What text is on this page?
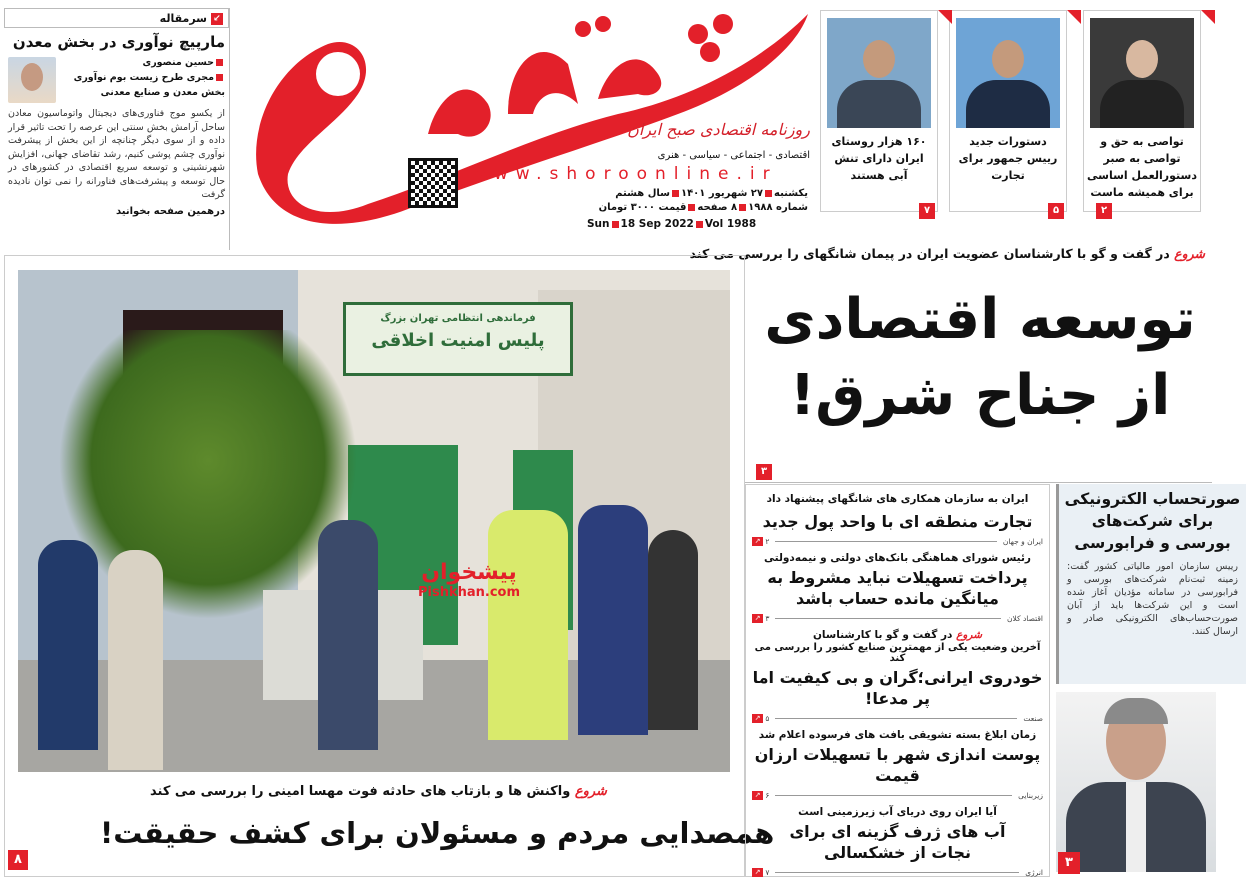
↙سرمقاله
مارپیچ نوآوری در بخش معدن
حسین منصوری
مجری طرح زیست بوم نوآوری
بخش معدن و صنایع معدنی
از یکسو موج فناوری‌های دیجیتال واتوماسیون معادن ساحل آرامش بخش سنتی این عرصه را تحت تاثیر قرار داده و از سوی دیگر چنانچه از این بخش از پیشرفت نوآوری چشم پوشی کنیم، رشد تقاضای جهانی، افزایش شهرنشینی و توسعه سریع اقتصادی در کشورهای در حال توسعه و پیشرفت‌های فناورانه را نمی توان نادیده گرفت
درهمین صفحه بخوانید
روزنامه اقتصادی صبح ایران
اقتصادی - اجتماعی - سیاسی - هنری
www.shoroonline.ir
یکشنبه۲۷ شهریور ۱۴۰۱سال هشتم
شماره ۱۹۸۸۸ صفحهقیمت ۳۰۰۰ تومان
Sun 18 Sep 2022 Vol 1988
تواصی به حق و تواصی به صبر دستورالعمل اساسی برای همیشه ماست
۲
دستورات جدید رییس جمهور برای تجارت
۵
۱۶۰ هزار روستای ایران دارای تنش آبی هستند
۷
شروع در گفت و گو با کارشناسان عضویت ایران در پیمان شانگهای را بررسی می کند
توسعه اقتصادی
از جناح شرق!
۳
فرماندهی انتظامی تهران بزرگ
پلیس امنیت اخلاقی
پیشخوان
Pishkhan.com
شروع واکنش ها و بازتاب های حادثه فوت مهسا امینی را بررسی می کند
همصدایی مردم و مسئولان برای کشف حقیقت!
۸
ایران به سازمان همکاری های شانگهای پیشنهاد داد
تجارت منطقه ای با واحد پول جدید
ایران و جهان
۲

↗
رئیس شورای هماهنگی بانک‌های دولتی و نیمه‌دولتی
پرداخت تسهیلات نباید مشروط به میانگین مانده حساب باشد
اقتصاد کلان
۳

↗
شروع در گفت و گو با کارشناسان
آخرین وضعیت یکی از مهمترین صنایع کشور را بررسی می کند
خودروی ایرانی؛گران و بی کیفیت اما پر مدعا!
صنعت
۵

↗
زمان ابلاغ بسته تشویقی بافت های فرسوده اعلام شد
پوست اندازی شهر با تسهیلات ارزان قیمت
زیربنایی
۶

↗
آیا ایران روی دریای آب زیرزمینی است
آب های ژرف گزینه ای برای نجات از خشکسالی
انرژی
۷

↗
صورتحساب الکترونیکی برای شرکت‌های بورسی و فرابورسی

رییس سازمان امور مالیاتی کشور گفت: زمینه ثبت‌نام شرکت‌های بورسی و فرابورسی در سامانه مؤدیان آغاز شده است و این شرکت‌ها باید از آبان صورت‌حساب‌های الکترونیکی صادر و ارسال کنند.

۳
